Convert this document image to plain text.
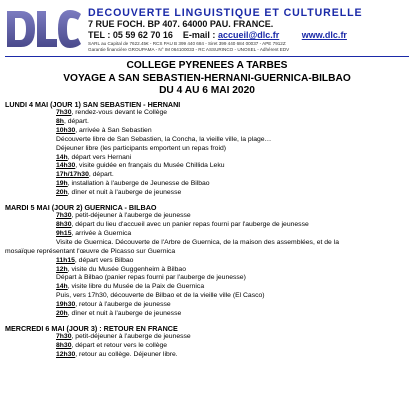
DECOUVERTE LINGUISTIQUE ET CULTURELLE
7 RUE FOCH. BP 407. 64000 PAU. FRANCE.
TEL : 05 59 62 70 16 E-mail : accueil@dlc.fr	www.dlc.fr
SARL au Capital de 7622.45€ - RCS PAU B 399 440 684 - Siret 399 440 684 00037 - APE 7912Z
Garantie financière GROUPAMA - N° IM 064100033 - RC ASSURINCO - UNOSEL - Adhérent EDV
COLLEGE PYRENEES A TARBES
VOYAGE A SAN SEBASTIEN-HERNANI-GUERNICA-BILBAO
DU 4 AU 6 MAI 2020
LUNDI 4 MAI (JOUR 1) SAN SEBASTIEN - HERNANI
7h30, rendez-vous devant le Collège
8h, départ.
10h30, arrivée à San Sebastien
Découverte libre de San Sebastien, la Concha, la vieille ville, la plage…
Déjeuner libre (les participants emportent un repas froid)
14h, départ vers Hernani
14h30, visite guidée en français du Musée Chillida Leku
17h/17h30, départ.
19h, installation à l'auberge de Jeunesse de Bilbao
20h, dîner et nuit à l'auberge de jeunesse
MARDI 5 MAI (JOUR 2) GUERNICA - BILBAO
7h30, petit-déjeuner à l'auberge de jeunesse
8h30, départ du lieu d'accueil avec un panier repas fourni par l'auberge de jeunesse
9h15, arrivée à Guernica
Visite de Guernica. Découverte de l'Arbre de Guernica, de la maison des assemblées, et de la
mosaïque représentant l'œuvre de Picasso sur Guernica
11h15, départ vers Bilbao
12h, visite du Musée Guggenheim à Bilbao
Départ à Bilbao (panier repas fourni par l'auberge de jeunesse)
14h, visite libre du Musée de la Paix de Guernica
Puis, vers 17h30, découverte de Bilbao et de la vieille ville (El Casco)
19h30, retour à l'auberge de jeunesse
20h, dîner et nuit à l'auberge de jeunesse
MERCREDI 6 MAI (JOUR 3) : RETOUR EN FRANCE
7h30, petit-déjeuner à l'auberge de jeunesse
8h30, départ et retour vers le collège
12h30, retour au collège. Déjeuner libre.
